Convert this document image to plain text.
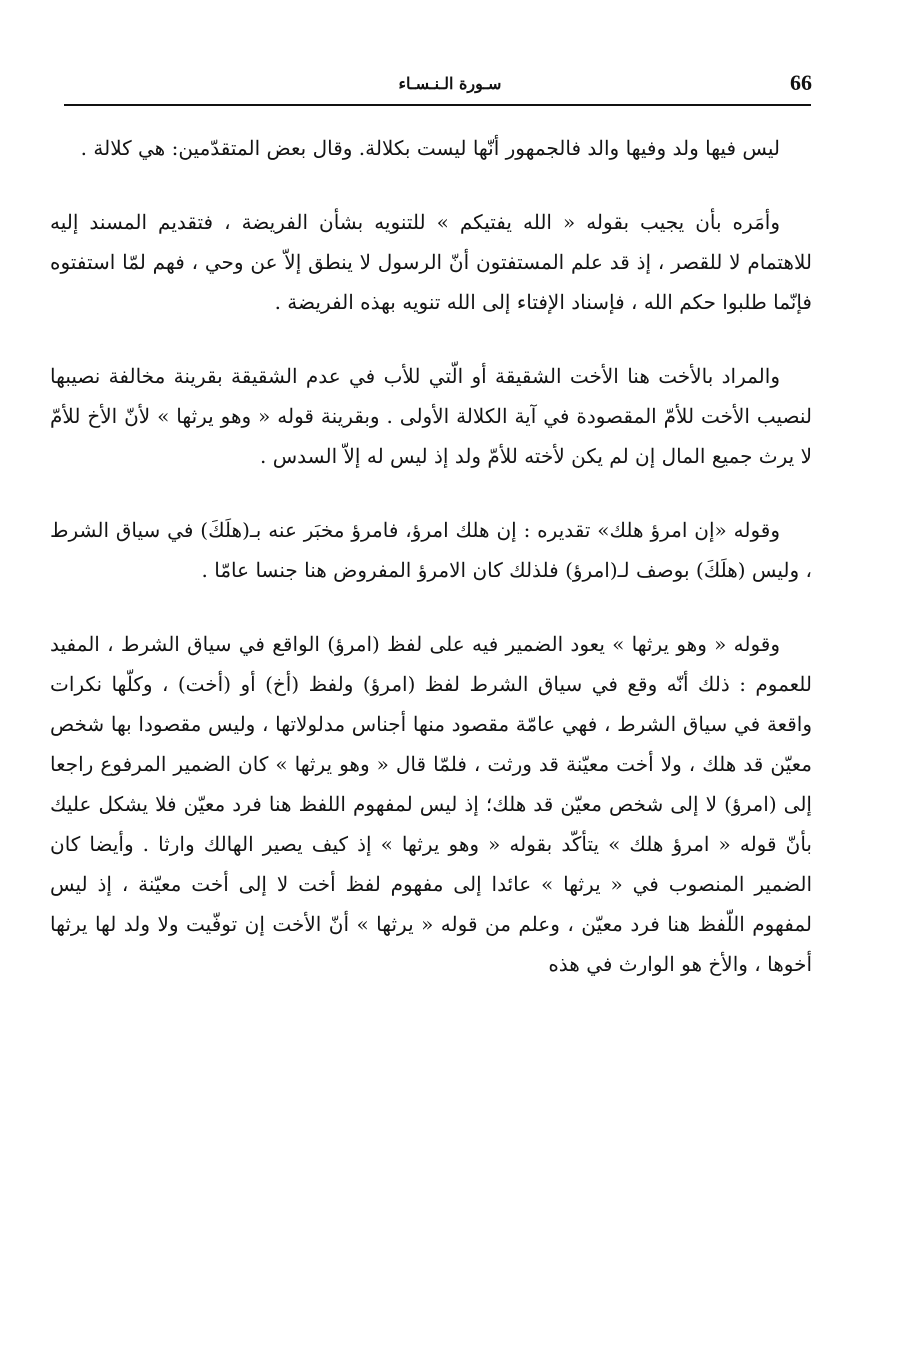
66
سـورة الـنـسـاء

ليس فيها ولد وفيها والد فالجمهور أنّها ليست بكلالة. وقال بعض المتقدّمين: هي كلالة .

وأمَره بأن يجيب بقوله « الله يفتيكم » للتنويه بشأن الفريضة ، فتقديم المسند إليه للاهتمام لا للقصر ، إذ قد علم المستفتون أنّ الرسول لا ينطق إلاّ عن وحي ، فهم لمّا استفتوه فإنّما طلبوا حكم الله ، فإسناد الإفتاء إلى الله تنويه بهذه الفريضة .

والمراد بالأخت هنا الأخت الشقيقة أو الّتي للأب في عدم الشقيقة بقرينة مخالفة نصيبها لنصيب الأخت للأمّ المقصودة في آية الكلالة الأولى . وبقرينة قوله « وهو يرثها » لأنّ الأخ للأمّ لا يرث جميع المال إن لم يكن لأخته للأمّ ولد إذ ليس له إلاّ السدس .

وقوله «إن امرؤ هلك» تقديره : إن هلك امرؤ، فامرؤ مخبَر عنه بـ(هلَكَ) في سياق الشرط ، وليس (هلَكَ) بوصف لـ(امرؤ) فلذلك كان الامرؤ المفروض هنا جنسا عامّا .

وقوله « وهو يرثها » يعود الضمير فيه على لفظ (امرؤ) الواقع في سياق الشرط ، المفيد للعموم : ذلك أنّه وقع في سياق الشرط لفظ (امرؤ) ولفظ (أخ) أو (أخت) ، وكلّها نكرات واقعة في سياق الشرط ، فهي عامّة مقصود منها أجناس مدلولاتها ، وليس مقصودا بها شخص معيّن قد هلك ، ولا أخت معيّنة قد ورثت ، فلمّا قال « وهو يرثها » كان الضمير المرفوع راجعا إلى (امرؤ) لا إلى شخص معيّن قد هلك؛ إذ ليس لمفهوم اللفظ هنا فرد معيّن فلا يشكل عليك بأنّ قوله « امرؤ هلك » يتأكّد بقوله « وهو يرثها » إذ كيف يصير الهالك وارثا . وأيضا كان الضمير المنصوب في « يرثها » عائدا إلى مفهوم لفظ أخت لا إلى أخت معيّنة ، إذ ليس لمفهوم اللّفظ هنا فرد معيّن ، وعلم من قوله « يرثها » أنّ الأخت إن توفّيت ولا ولد لها يرثها أخوها ، والأخ هو الوارث في هذه
